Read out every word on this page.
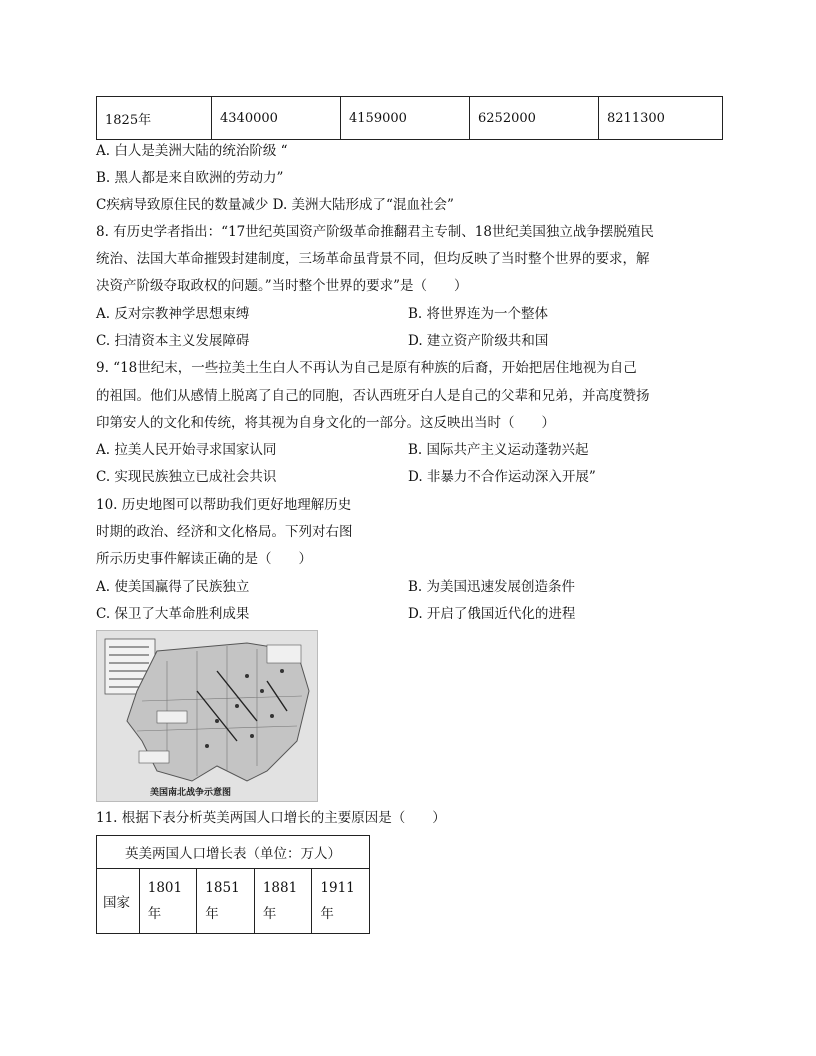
1825年	4340000	4159000	6252000	8211300
A. 白人是美洲大陆的统治阶级 “
B. 黑人都是来自欧洲的劳动力”
C疾病导致原住民的数量减少 D. 美洲大陆形成了“混血社会”
8. 有历史学者指出：“17世纪英国资产阶级革命推翻君主专制、18世纪美国独立战争摆脱殖民
统治、法国大革命摧毁封建制度，三场革命虽背景不同，但均反映了当时整个世界的要求，解
决资产阶级夺取政权的问题。”当时整个世界的要求”是（　　）
A. 反对宗教神学思想束缚	B. 将世界连为一个整体
C. 扫清资本主义发展障碍	D. 建立资产阶级共和国
9. “18世纪末，一些拉美土生白人不再认为自己是原有种族的后裔，开始把居住地视为自己
的祖国。他们从感情上脱离了自己的同胞，否认西班牙白人是自己的父辈和兄弟，并高度赞扬
印第安人的文化和传统，将其视为自身文化的一部分。这反映出当时（　　）
A. 拉美人民开始寻求国家认同	B. 国际共产主义运动蓬勃兴起
C. 实现民族独立已成社会共识	D. 非暴力不合作运动深入开展”
10. 历史地图可以帮助我们更好地理解历史
时期的政治、经济和文化格局。下列对右图
所示历史事件解读正确的是（　　）
A. 使美国赢得了民族独立	B. 为美国迅速发展创造条件
C. 保卫了大革命胜利成果	D. 开启了俄国近代化的进程
美国南北战争示意图
11. 根据下表分析英美两国人口增长的主要原因是（　　）
英美两国人口增长表（单位：万人）
国家	1801年	1851年	1881年	1911年
